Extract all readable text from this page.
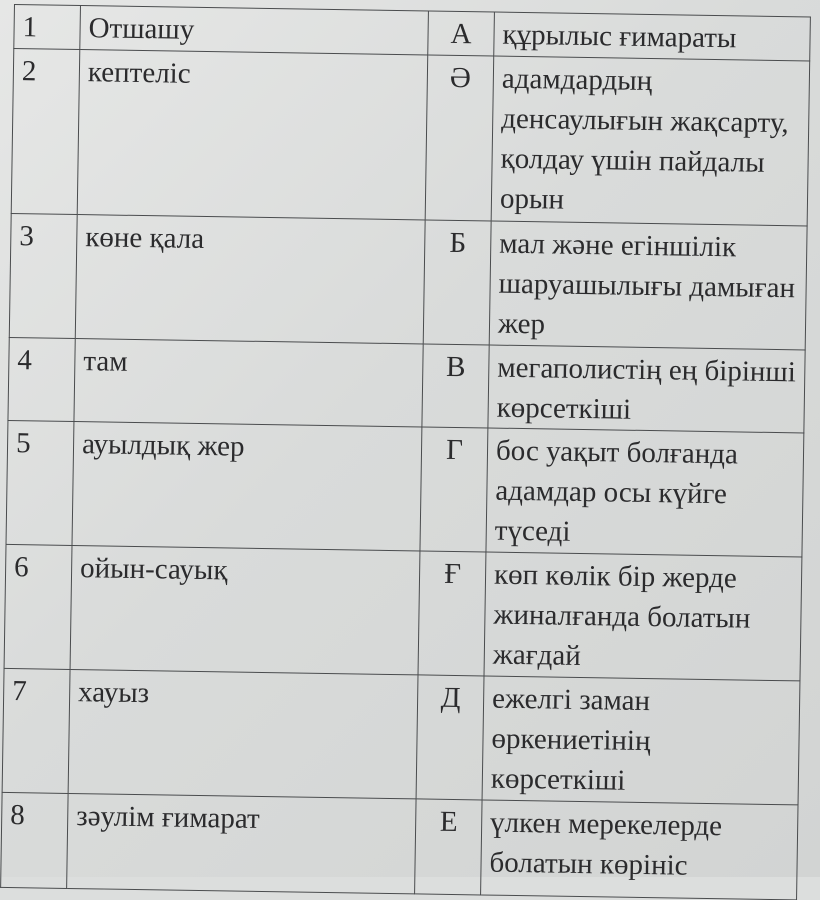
1	Отшашу	А	құрылыс ғимараты
2	кептеліс	Ә	адамдардың денсаулығын жақсарту, қолдау үшін пайдалы орын
3	көне қала	Б	мал және егіншілік шаруашылығы дамыған жер
4	там	В	мегаполистің ең бірінші көрсеткіші
5	ауылдық жер	Г	бос уақыт болғанда адамдар осы күйге түседі
6	ойын-сауық	Ғ	көп көлік бір жерде жиналғанда болатын жағдай
7	хауыз	Д	ежелгі заман өркениетінің көрсеткіші
8	зәулім ғимарат	Е	үлкен мерекелерде болатын көрініс
